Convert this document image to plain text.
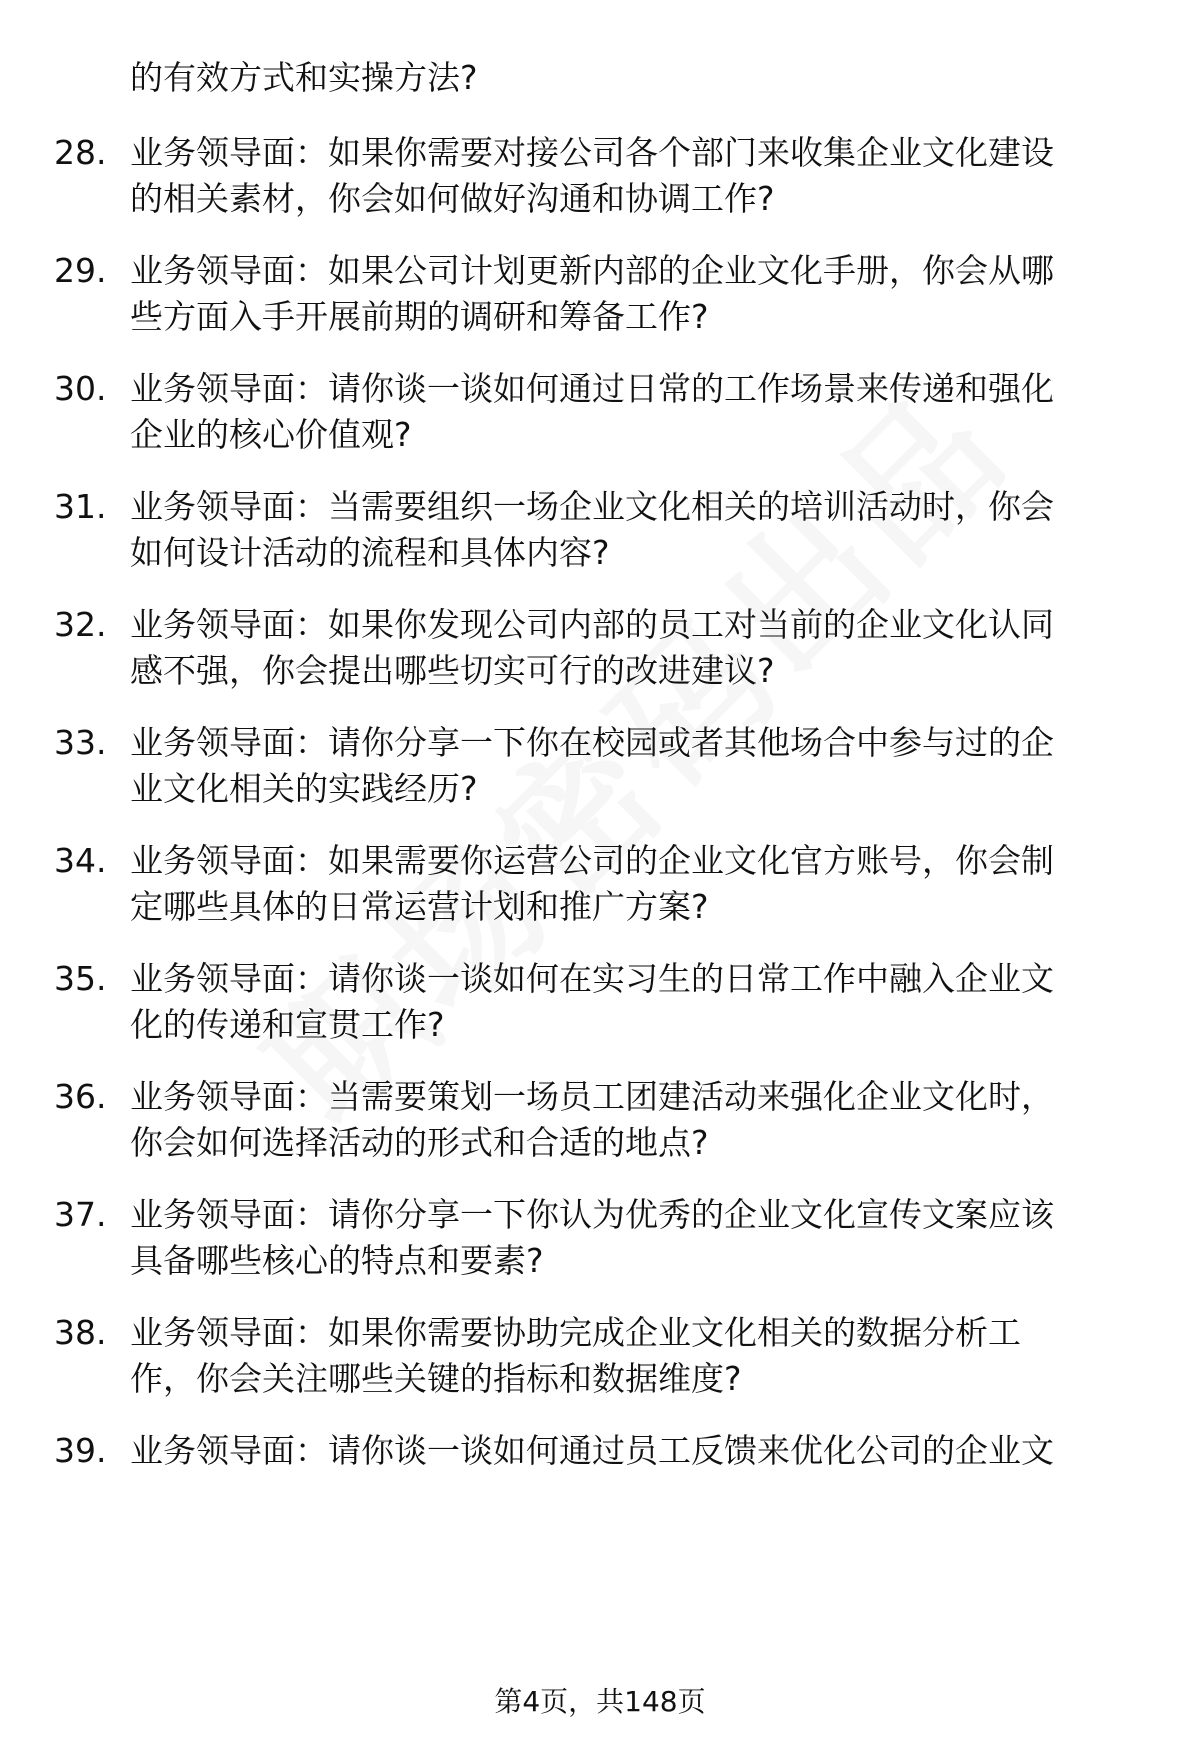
的有效方式和实操方法?
28. 业务领导面：如果你需要对接公司各个部门来收集企业文化建设
的相关素材，你会如何做好沟通和协调工作?
29. 业务领导面：如果公司计划更新内部的企业文化手册，你会从哪
些方面入手开展前期的调研和筹备工作?
30. 业务领导面：请你谈一谈如何通过日常的工作场景来传递和强化
企业的核心价值观?
31. 业务领导面：当需要组织一场企业文化相关的培训活动时，你会
如何设计活动的流程和具体内容?
32. 业务领导面：如果你发现公司内部的员工对当前的企业文化认同
感不强，你会提出哪些切实可行的改进建议?
33. 业务领导面：请你分享一下你在校园或者其他场合中参与过的企
业文化相关的实践经历?
34. 业务领导面：如果需要你运营公司的企业文化官方账号，你会制
定哪些具体的日常运营计划和推广方案?
35. 业务领导面：请你谈一谈如何在实习生的日常工作中融入企业文
化的传递和宣贯工作?
36. 业务领导面：当需要策划一场员工团建活动来强化企业文化时，
你会如何选择活动的形式和合适的地点?
37. 业务领导面：请你分享一下你认为优秀的企业文化宣传文案应该
具备哪些核心的特点和要素?
38. 业务领导面：如果你需要协助完成企业文化相关的数据分析工
作，你会关注哪些关键的指标和数据维度?
39. 业务领导面：请你谈一谈如何通过员工反馈来优化公司的企业文
第4页，共148页
